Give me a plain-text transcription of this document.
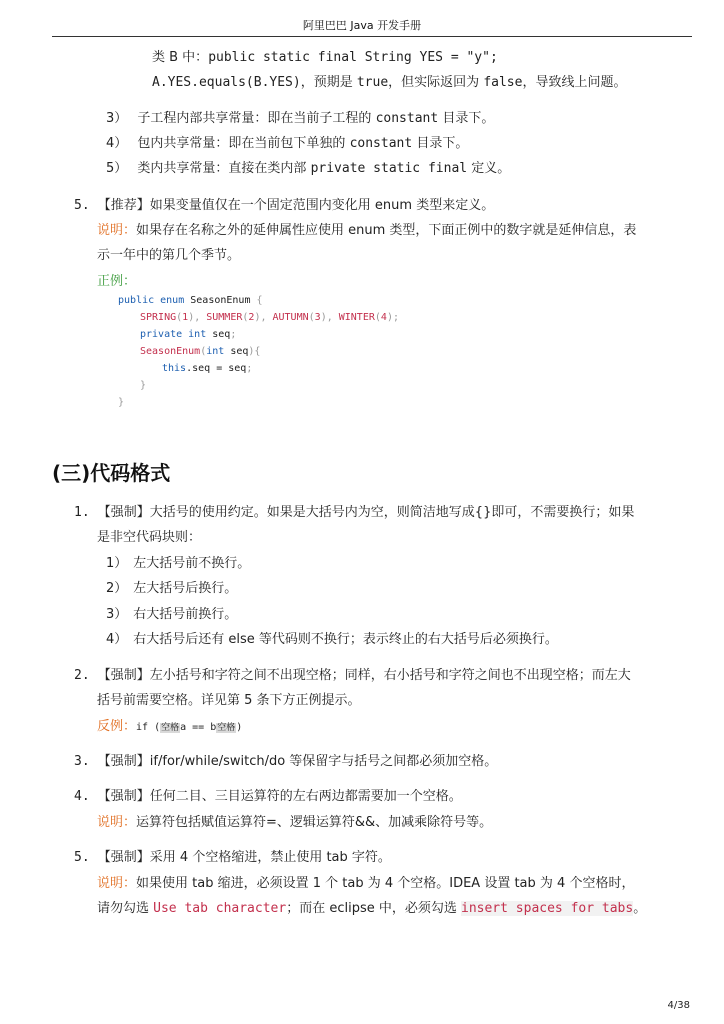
阿里巴巴 Java 开发手册
类 B 中：public static final String YES = "y";
A.YES.equals(B.YES)，预期是 true，但实际返回为 false，导致线上问题。
3） 子工程内部共享常量：即在当前子工程的 constant 目录下。
4） 包内共享常量：即在当前包下单独的 constant 目录下。
5） 类内共享常量：直接在类内部 private static final 定义。
5. 【推荐】如果变量值仅在一个固定范围内变化用 enum 类型来定义。
说明：如果存在名称之外的延伸属性应使用 enum 类型，下面正例中的数字就是延伸信息，表
示一年中的第几个季节。
正例：
public enum SeasonEnum {
SPRING(1), SUMMER(2), AUTUMN(3), WINTER(4);
private int seq;
SeasonEnum(int seq){
this.seq = seq;
}
}
(三)代码格式
1. 【强制】大括号的使用约定。如果是大括号内为空，则简洁地写成{}即可，不需要换行；如果
是非空代码块则：
1） 左大括号前不换行。
2） 左大括号后换行。
3） 右大括号前换行。
4） 右大括号后还有 else 等代码则不换行；表示终止的右大括号后必须换行。
2. 【强制】左小括号和字符之间不出现空格；同样，右小括号和字符之间也不出现空格；而左大
括号前需要空格。详见第 5 条下方正例提示。
反例：if (空格a == b空格)
3. 【强制】if/for/while/switch/do 等保留字与括号之间都必须加空格。
4. 【强制】任何二目、三目运算符的左右两边都需要加一个空格。
说明：运算符包括赋值运算符=、逻辑运算符&&、加减乘除符号等。
5. 【强制】采用 4 个空格缩进，禁止使用 tab 字符。
说明：如果使用 tab 缩进，必须设置 1 个 tab 为 4 个空格。IDEA 设置 tab 为 4 个空格时，
请勿勾选 Use tab character；而在 eclipse 中，必须勾选 insert spaces for tabs。
4/38
